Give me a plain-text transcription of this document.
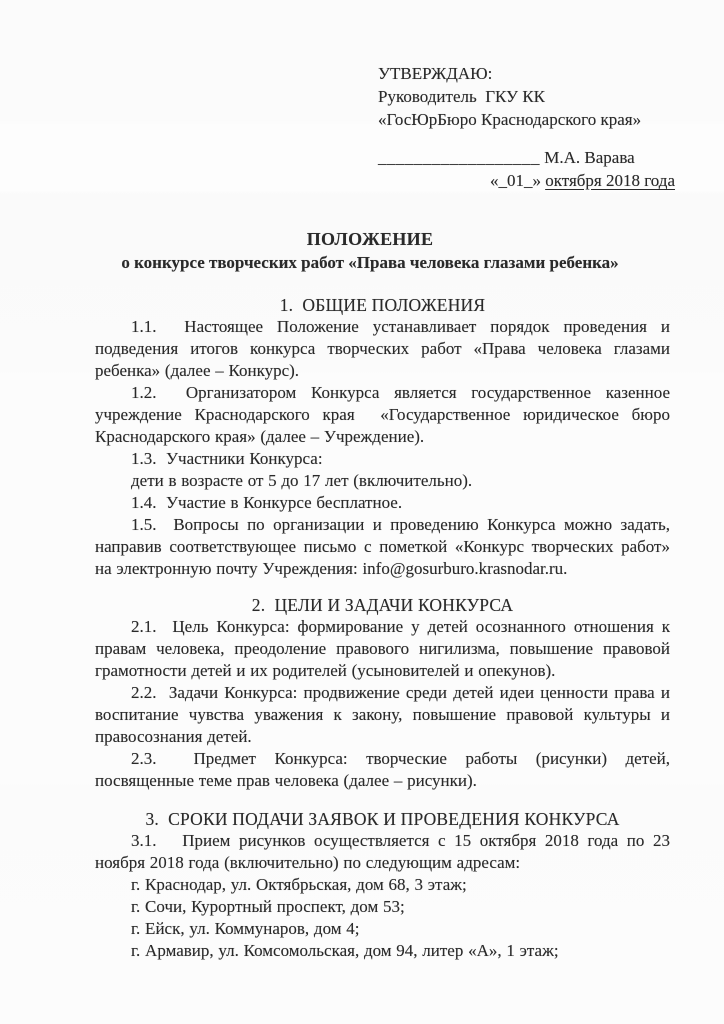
УТВЕРЖДАЮ:
Руководитель  ГКУ КК
«ГосЮрБюро Краснодарского края»
__________________ М.А. Варава
«_01_» октября 2018 года
ПОЛОЖЕНИЕ
о конкурсе творческих работ «Права человека глазами ребенка»
1.  ОБЩИЕ ПОЛОЖЕНИЯ

1.1.  Настоящее Положение устанавливает порядок проведения и подведения итогов конкурса творческих работ «Права человека глазами ребенка» (далее – Конкурс).

1.2.  Организатором Конкурса является государственное казенное учреждение Краснодарского края  «Государственное юридическое бюро Краснодарского края» (далее – Учреждение).

1.3.  Участники Конкурса:

дети в возрасте от 5 до 17 лет (включительно).

1.4.  Участие в Конкурсе бесплатное.

1.5.  Вопросы по организации и проведению Конкурса можно задать, направив соответствующее письмо с пометкой «Конкурс творческих работ» на электронную почту Учреждения: info@gosurburo.krasnodar.ru.

2.  ЦЕЛИ И ЗАДАЧИ КОНКУРСА

2.1.  Цель Конкурса: формирование у детей осознанного отношения к правам человека, преодоление правового нигилизма, повышение правовой грамотности детей и их родителей (усыновителей и опекунов).

2.2.  Задачи Конкурса: продвижение среди детей идеи ценности права и воспитание чувства уважения к закону, повышение правовой культуры и правосознания детей.

2.3.  Предмет Конкурса: творческие работы (рисунки) детей, посвященные теме прав человека (далее – рисунки).

3.  СРОКИ ПОДАЧИ ЗАЯВОК И ПРОВЕДЕНИЯ КОНКУРСА

3.1.   Прием рисунков осуществляется с 15 октября 2018 года по 23 ноября 2018 года (включительно) по следующим адресам:

г. Краснодар, ул. Октябрьская, дом 68, 3 этаж;

г. Сочи, Курортный проспект, дом 53;

г. Ейск, ул. Коммунаров, дом 4;

г. Армавир, ул. Комсомольская, дом 94, литер «А», 1 этаж;
